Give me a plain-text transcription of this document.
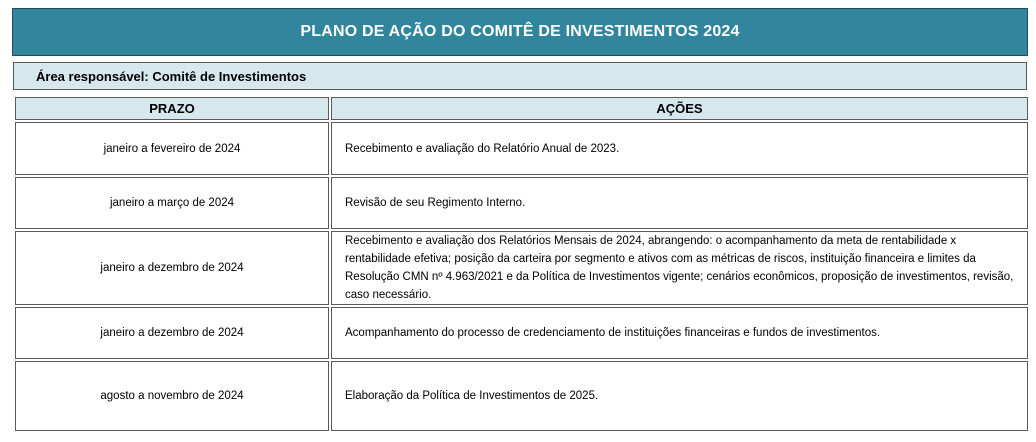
PLANO DE AÇÃO DO COMITÊ DE INVESTIMENTOS 2024
Área responsável: Comitê de Investimentos
PRAZO	AÇÕES
janeiro a fevereiro de 2024	Recebimento e avaliação do Relatório Anual de 2023.
janeiro a março de 2024	Revisão de seu Regimento Interno.
janeiro a dezembro de 2024	Recebimento e avaliação dos Relatórios Mensais de 2024, abrangendo: o acompanhamento da meta de rentabilidade x rentabilidade efetiva; posição da carteira por segmento e ativos com as métricas de riscos, instituição financeira e limites da Resolução CMN nº 4.963/2021 e da Política de Investimentos vigente; cenários econômicos, proposição de investimentos, revisão, caso necessário.
janeiro a dezembro de 2024	Acompanhamento do processo de credenciamento de instituições financeiras e fundos de investimentos.
agosto a novembro de 2024	Elaboração da Política de Investimentos de 2025.
